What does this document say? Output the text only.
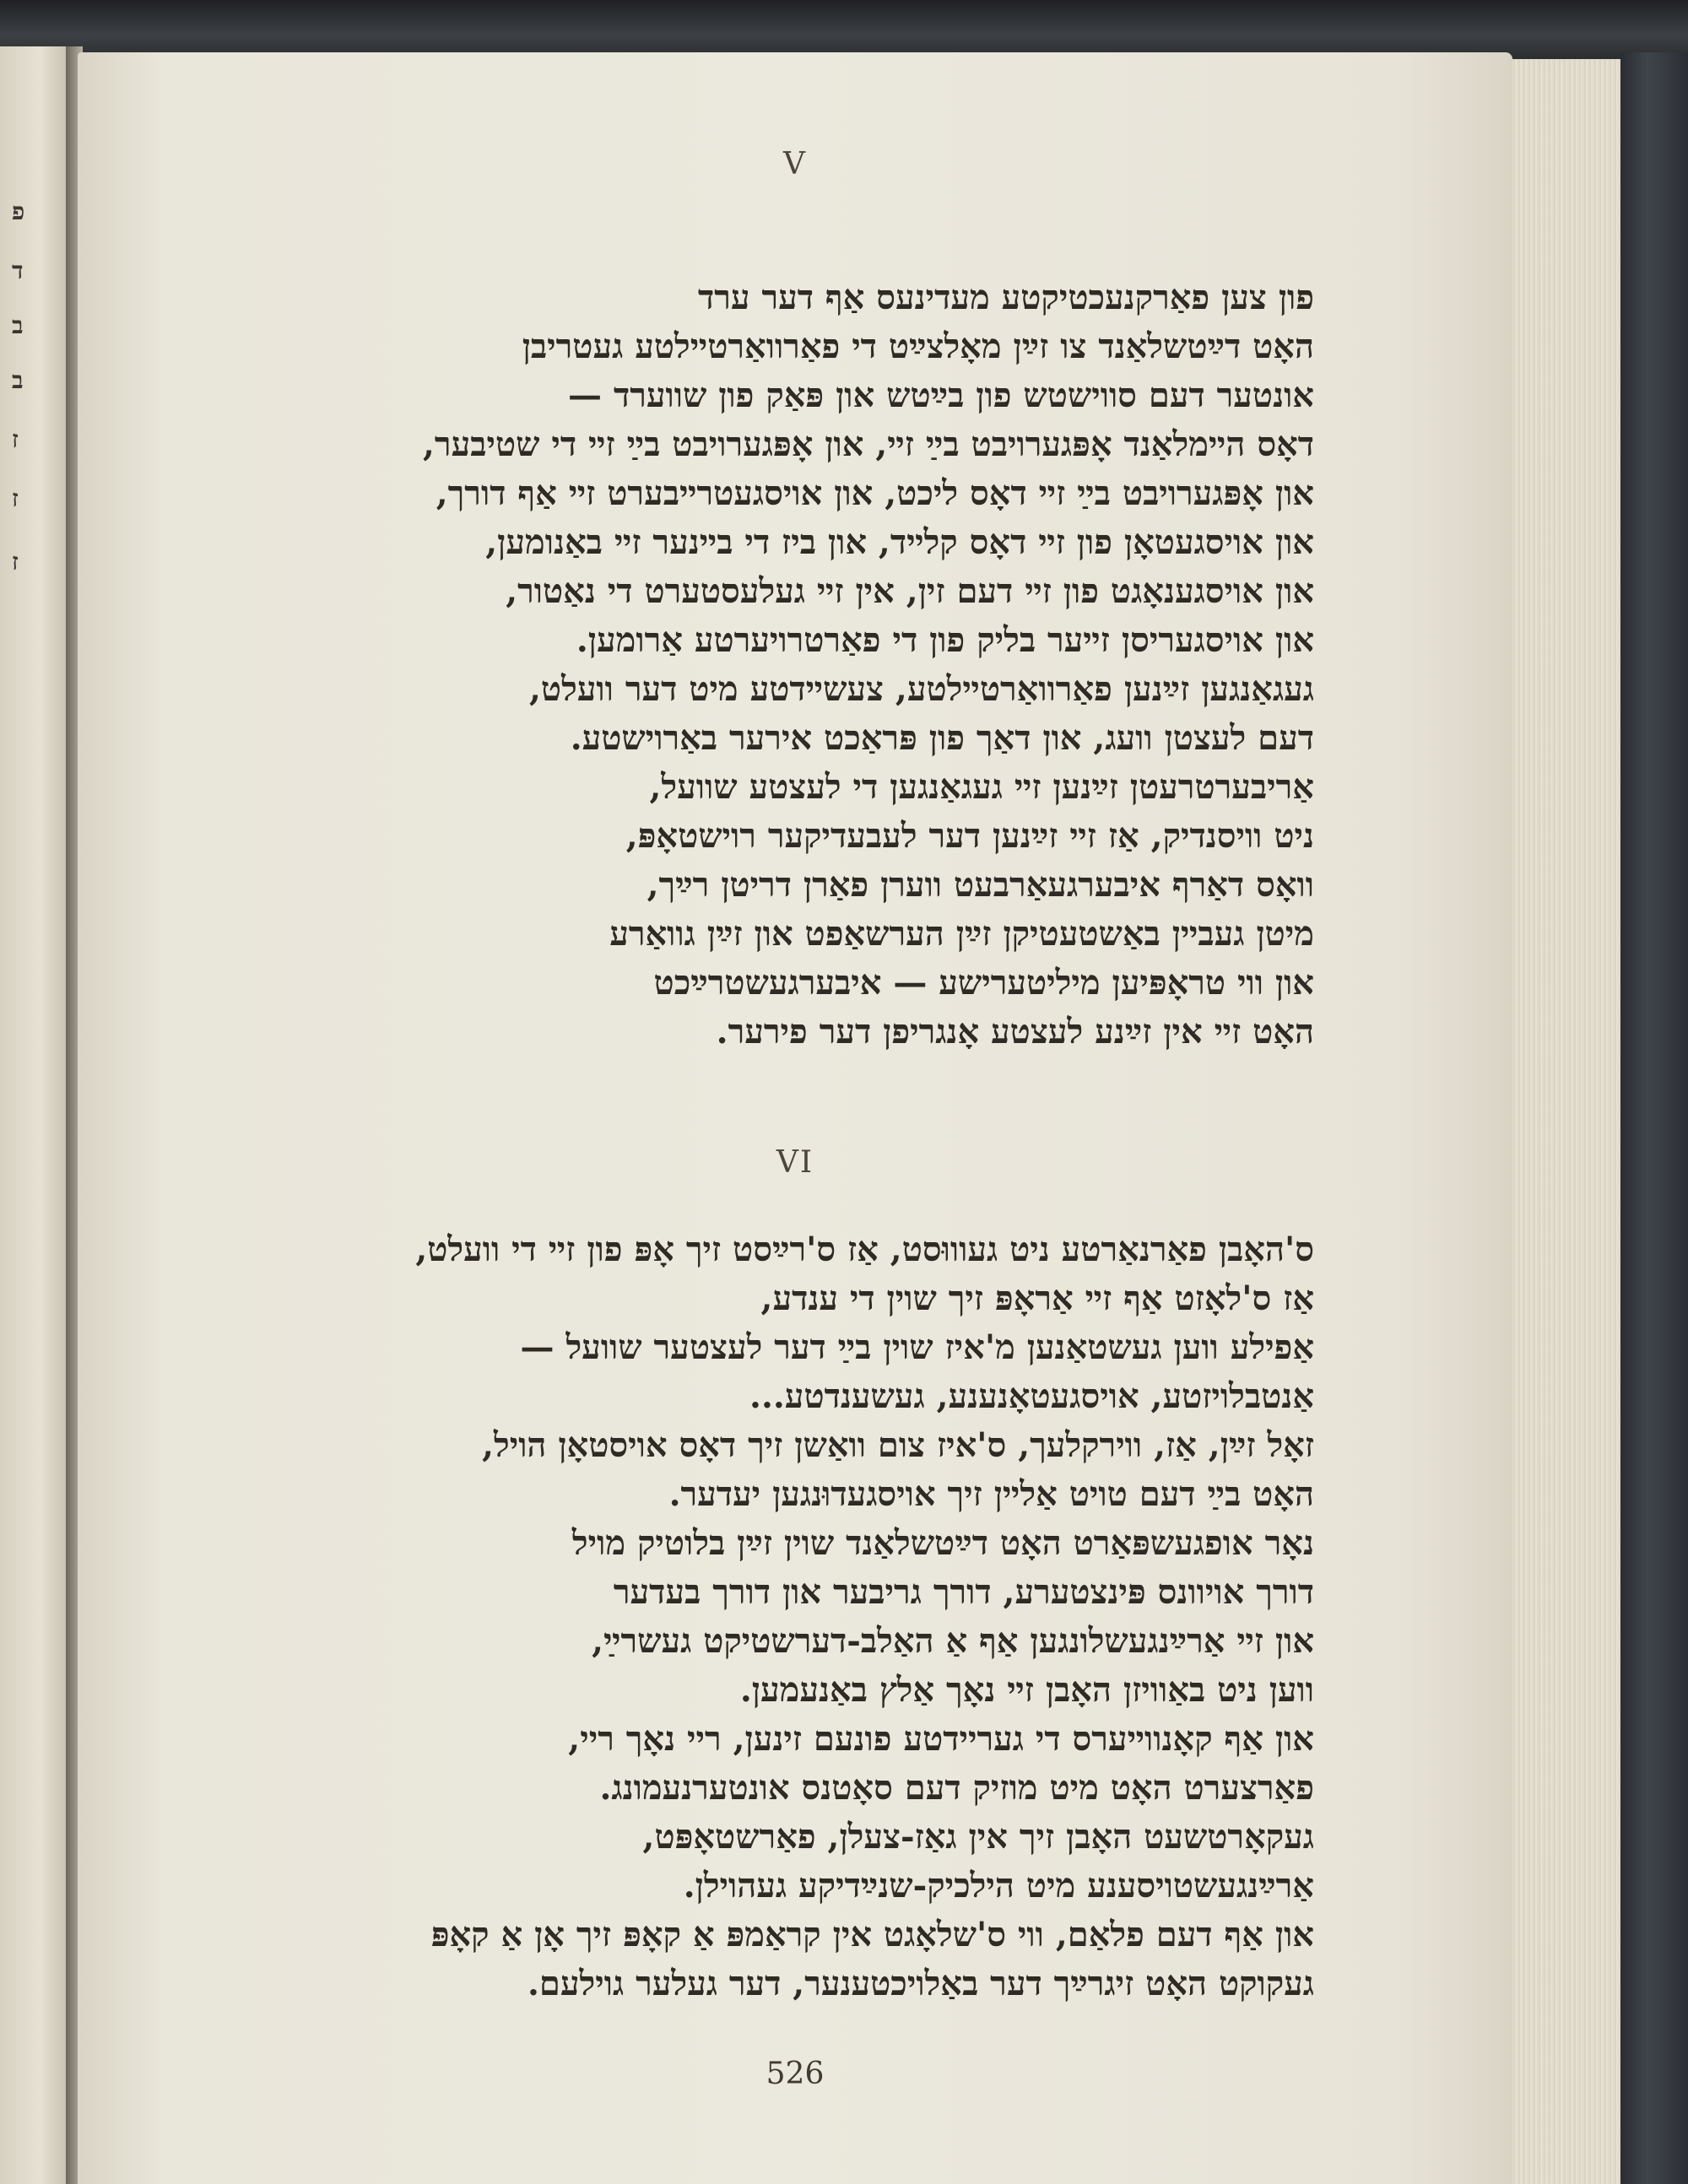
פ
ד
ב
ב
ז
ז
ז
V
פון צען פאַרקנעכטיקטע מעדינעס אַף דער ערד
האָט דײַטשלאַנד צו זײַן מאָלצײַט די פאַרוואַרטײלטע געטריבן
אונטער דעם סווישטש פון בײַטש און פּאַק פון שווערד —
דאָס הײמלאַנד אָפּגערויבט בײַ זײ, און אָפּגערויבט בײַ זײ די שטיבער,
און אָפּגערויבט בײַ זײ דאָס ליכט, און אויסגעטרײבערט זײ אַף דורך,
און אויסגעטאָן פון זײ דאָס קלײד, און ביז די בײנער זײ באַנומען,
און אויסגענאָגט פון זײ דעם זין, אין זײ געלעסטערט די נאַטור,
און אויסגעריסן זײער בליק פון די פאַרטרויערטע אַרומען.
געגאַנגען זײַנען פאַרוואַרטײלטע, צעשײדטע מיט דער וועלט,
דעם לעצטן וועג, און דאַך פון פּראַכט אירער באַרוישטע.
אַריבערטרעטן זײַנען זײ געגאַנגען די לעצטע שוועל,
ניט וויסנדיק, אַז זײ זײַנען דער לעבעדיקער רוישטאָפּ,
וואָס דאַרף איבערגעאַרבעט ווערן פאַרן דריטן רײַך,
מיטן געבײן באַשטעטיקן זײַן הערשאַפט און זײַן גוואַרע
און ווי טראָפּיען מיליטערישע — איבערגעשטרײַכט
האָט זײ אין זײַנע לעצטע אָנגריפן דער פירער.
VI
ס'האָבן פאַרנאַרטע ניט געוווּסט, אַז ס'רײַסט זיך אָפּ פון זײ די וועלט,
אַז ס'לאָזט אַף זײ אַראָפּ זיך שוין די ענדע,
אַפילע ווען געשטאַנען מ'איז שוין בײַ דער לעצטער שוועל —
אַנטבלויזטע, אויסגעטאָנענע, געשענדטע...
זאָל זײַן, אַז, ווירקלעך, ס'איז צום וואַשן זיך דאָס אויסטאָן הויל,
האָט בײַ דעם טויט אַלײן זיך אויסגעדוּנגען יעדער.
נאָר אופגעשפּאַרט האָט דײַטשלאַנד שוין זײַן בלוטיק מויל
דורך אויוונס פּינצטערע, דורך גריבער און דורך בעדער
און זײ אַרײַנגעשלונגען אַף אַ האַלב-דערשטיקט געשרײַ,
ווען ניט באַוויזן האָבן זײ נאָך אַלץ באַנעמען.
און אַף קאָנווײערס די געריידטע פונעם זינען, ריי נאָך ריי,
פאַרצערט האָט מיט מוזיק דעם סאָטנס אונטערנעמונג.
געקאָרטשעט האָבן זיך אין גאַז-צעלן, פאַרשטאָפּט,
אַרײַנגעשטויסענע מיט הילכיק-שנײַדיקע געהוילן.
און אַף דעם פלאַם, ווי ס'שלאָגט אין קראַמפּ אַ קאָפּ זיך אָן אַ קאָפּ
געקוקט האָט זיגרײַך דער באַלויכטענער, דער געלער גוילעם.
526
